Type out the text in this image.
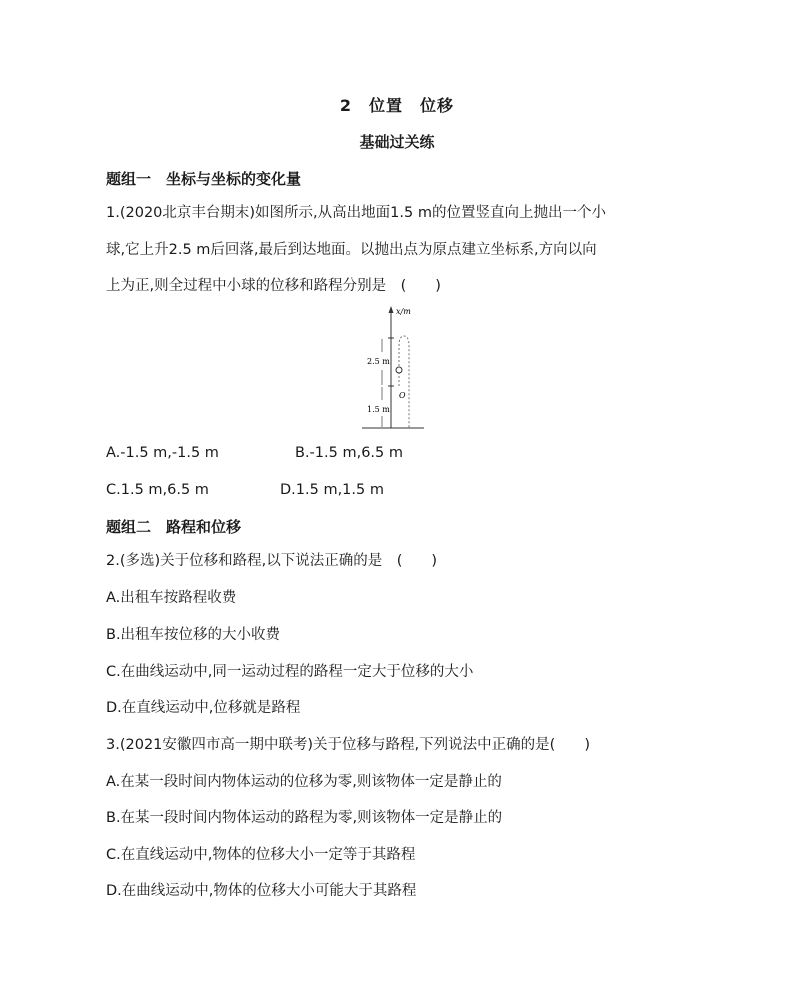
2　位置　位移
基础过关练
题组一　坐标与坐标的变化量
1.(2020北京丰台期末)如图所示,从高出地面1.5 m的位置竖直向上抛出一个小
球,它上升2.5 m后回落,最后到达地面。以抛出点为原点建立坐标系,方向以向
上为正,则全过程中小球的位移和路程分别是　(　　)
x/m
2.5 m
1.5 m
O
A.-1.5 m,-1.5 m	B.-1.5 m,6.5 m
C.1.5 m,6.5 m	D.1.5 m,1.5 m
题组二　路程和位移
2.(多选)关于位移和路程,以下说法正确的是　(　　)
A.出租车按路程收费
B.出租车按位移的大小收费
C.在曲线运动中,同一运动过程的路程一定大于位移的大小
D.在直线运动中,位移就是路程
3.(2021安徽四市高一期中联考)关于位移与路程,下列说法中正确的是(　　)
A.在某一段时间内物体运动的位移为零,则该物体一定是静止的
B.在某一段时间内物体运动的路程为零,则该物体一定是静止的
C.在直线运动中,物体的位移大小一定等于其路程
D.在曲线运动中,物体的位移大小可能大于其路程
